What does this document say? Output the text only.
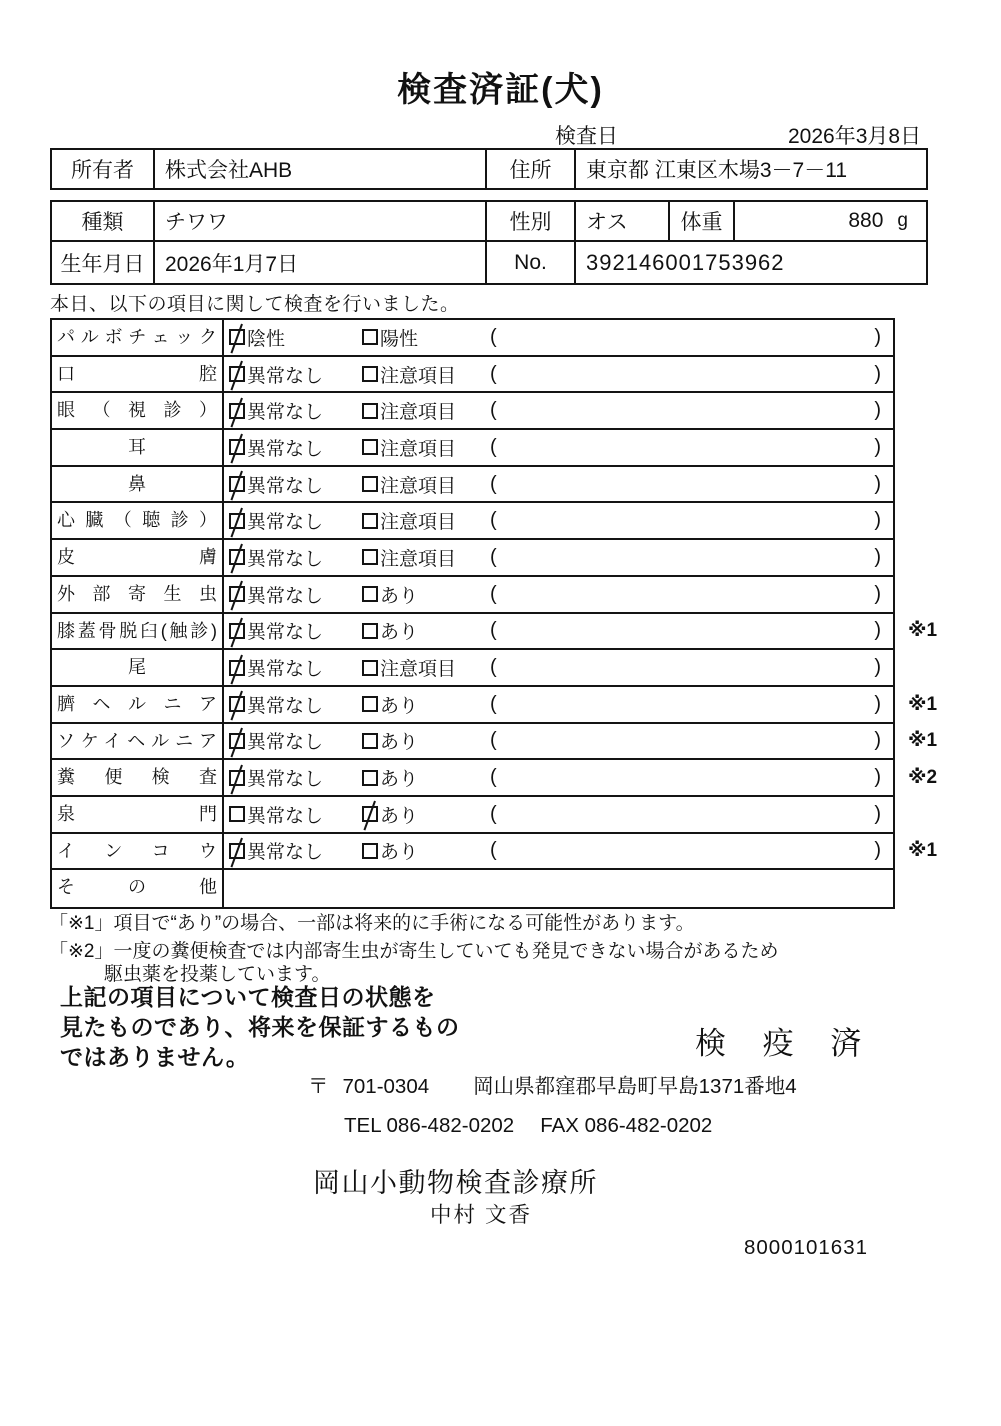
検査済証(犬)
検査日	2026年3月8日
所有者	株式会社AHB	住所	東京都 江東区木場3－7－11
種類	チワワ	性別	オス	体重	880 g
生年月日 2026年1月7日	No.	392146001753962
本日、以下の項目に関して検査を行いました。
パルボチェック	陰性	陽性	(	)
口腔	異常なし	注意項目 (	)
眼（視診）	異常なし	注意項目 (	)
耳	異常なし	注意項目 (	)
鼻	異常なし	注意項目 (	)
心臓（聴診）	異常なし	注意項目 (	)
皮膚	異常なし	注意項目 (	)
外部寄生虫	異常なし	あり	(	)
膝蓋骨脱臼(触診)	異常なし	あり	(	) ※1
尾	異常なし	注意項目 (	)
臍ヘルニア	異常なし	あり	(	) ※1
ソケイヘルニア	異常なし	あり	(	) ※1
糞便検査	異常なし	あり	(	) ※2
泉門	異常なし	あり	(	)
インコウ	異常なし	あり	(	) ※1
その他
「※1」項目で“あり”の場合、一部は将来的に手術になる可能性があります。
「※2」一度の糞便検査では内部寄生虫が寄生していても発見できない場合があるため
駆虫薬を投薬しています。
上記の項目について検査日の状態を
見たものであり、将来を保証するもの
ではありません。	検 疫 済
〒 701-0304 岡山県都窪郡早島町早島1371番地4
TEL 086-482-0202 FAX 086-482-0202
岡山小動物検査診療所
中村 文香
8000101631
